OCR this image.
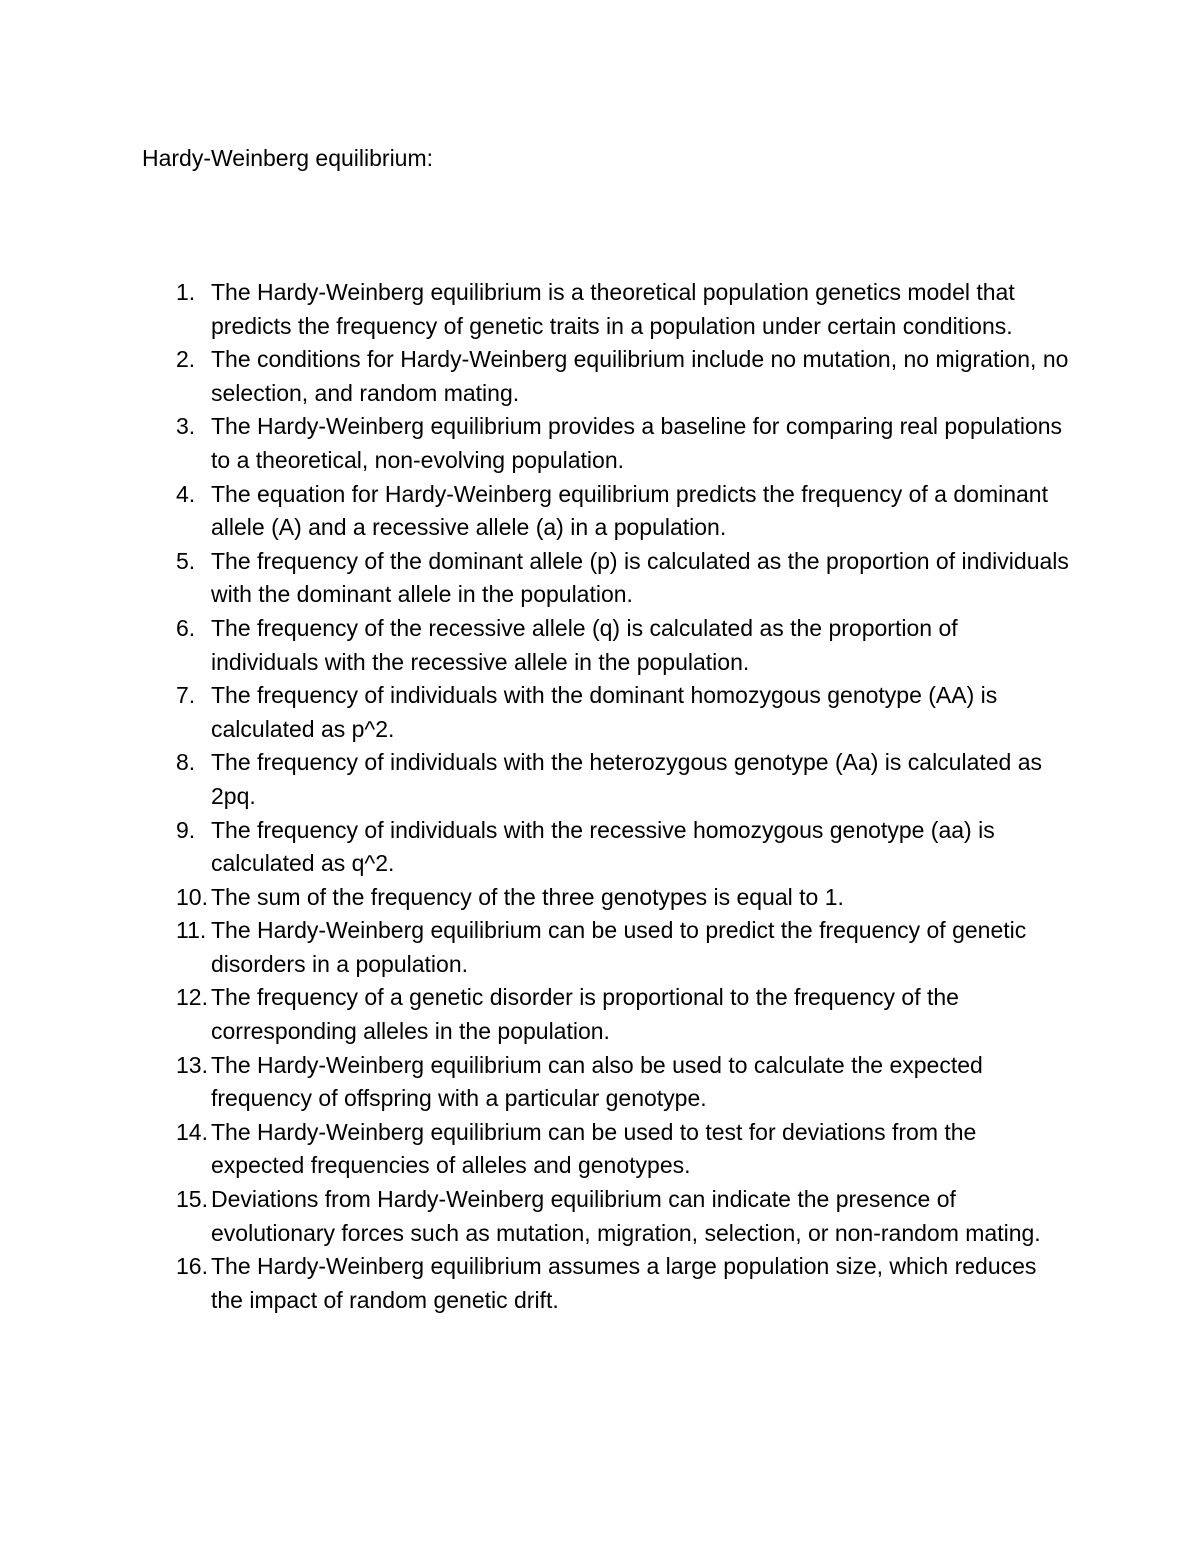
Hardy-Weinberg equilibrium:
1. The Hardy-Weinberg equilibrium is a theoretical population genetics model that predicts the frequency of genetic traits in a population under certain conditions.
2. The conditions for Hardy-Weinberg equilibrium include no mutation, no migration, no selection, and random mating.
3. The Hardy-Weinberg equilibrium provides a baseline for comparing real populations to a theoretical, non-evolving population.
4. The equation for Hardy-Weinberg equilibrium predicts the frequency of a dominant allele (A) and a recessive allele (a) in a population.
5. The frequency of the dominant allele (p) is calculated as the proportion of individuals with the dominant allele in the population.
6. The frequency of the recessive allele (q) is calculated as the proportion of individuals with the recessive allele in the population.
7. The frequency of individuals with the dominant homozygous genotype (AA) is calculated as p^2.
8. The frequency of individuals with the heterozygous genotype (Aa) is calculated as 2pq.
9. The frequency of individuals with the recessive homozygous genotype (aa) is calculated as q^2.
10. The sum of the frequency of the three genotypes is equal to 1.
11. The Hardy-Weinberg equilibrium can be used to predict the frequency of genetic disorders in a population.
12. The frequency of a genetic disorder is proportional to the frequency of the corresponding alleles in the population.
13. The Hardy-Weinberg equilibrium can also be used to calculate the expected frequency of offspring with a particular genotype.
14. The Hardy-Weinberg equilibrium can be used to test for deviations from the expected frequencies of alleles and genotypes.
15. Deviations from Hardy-Weinberg equilibrium can indicate the presence of evolutionary forces such as mutation, migration, selection, or non-random mating.
16. The Hardy-Weinberg equilibrium assumes a large population size, which reduces the impact of random genetic drift.
